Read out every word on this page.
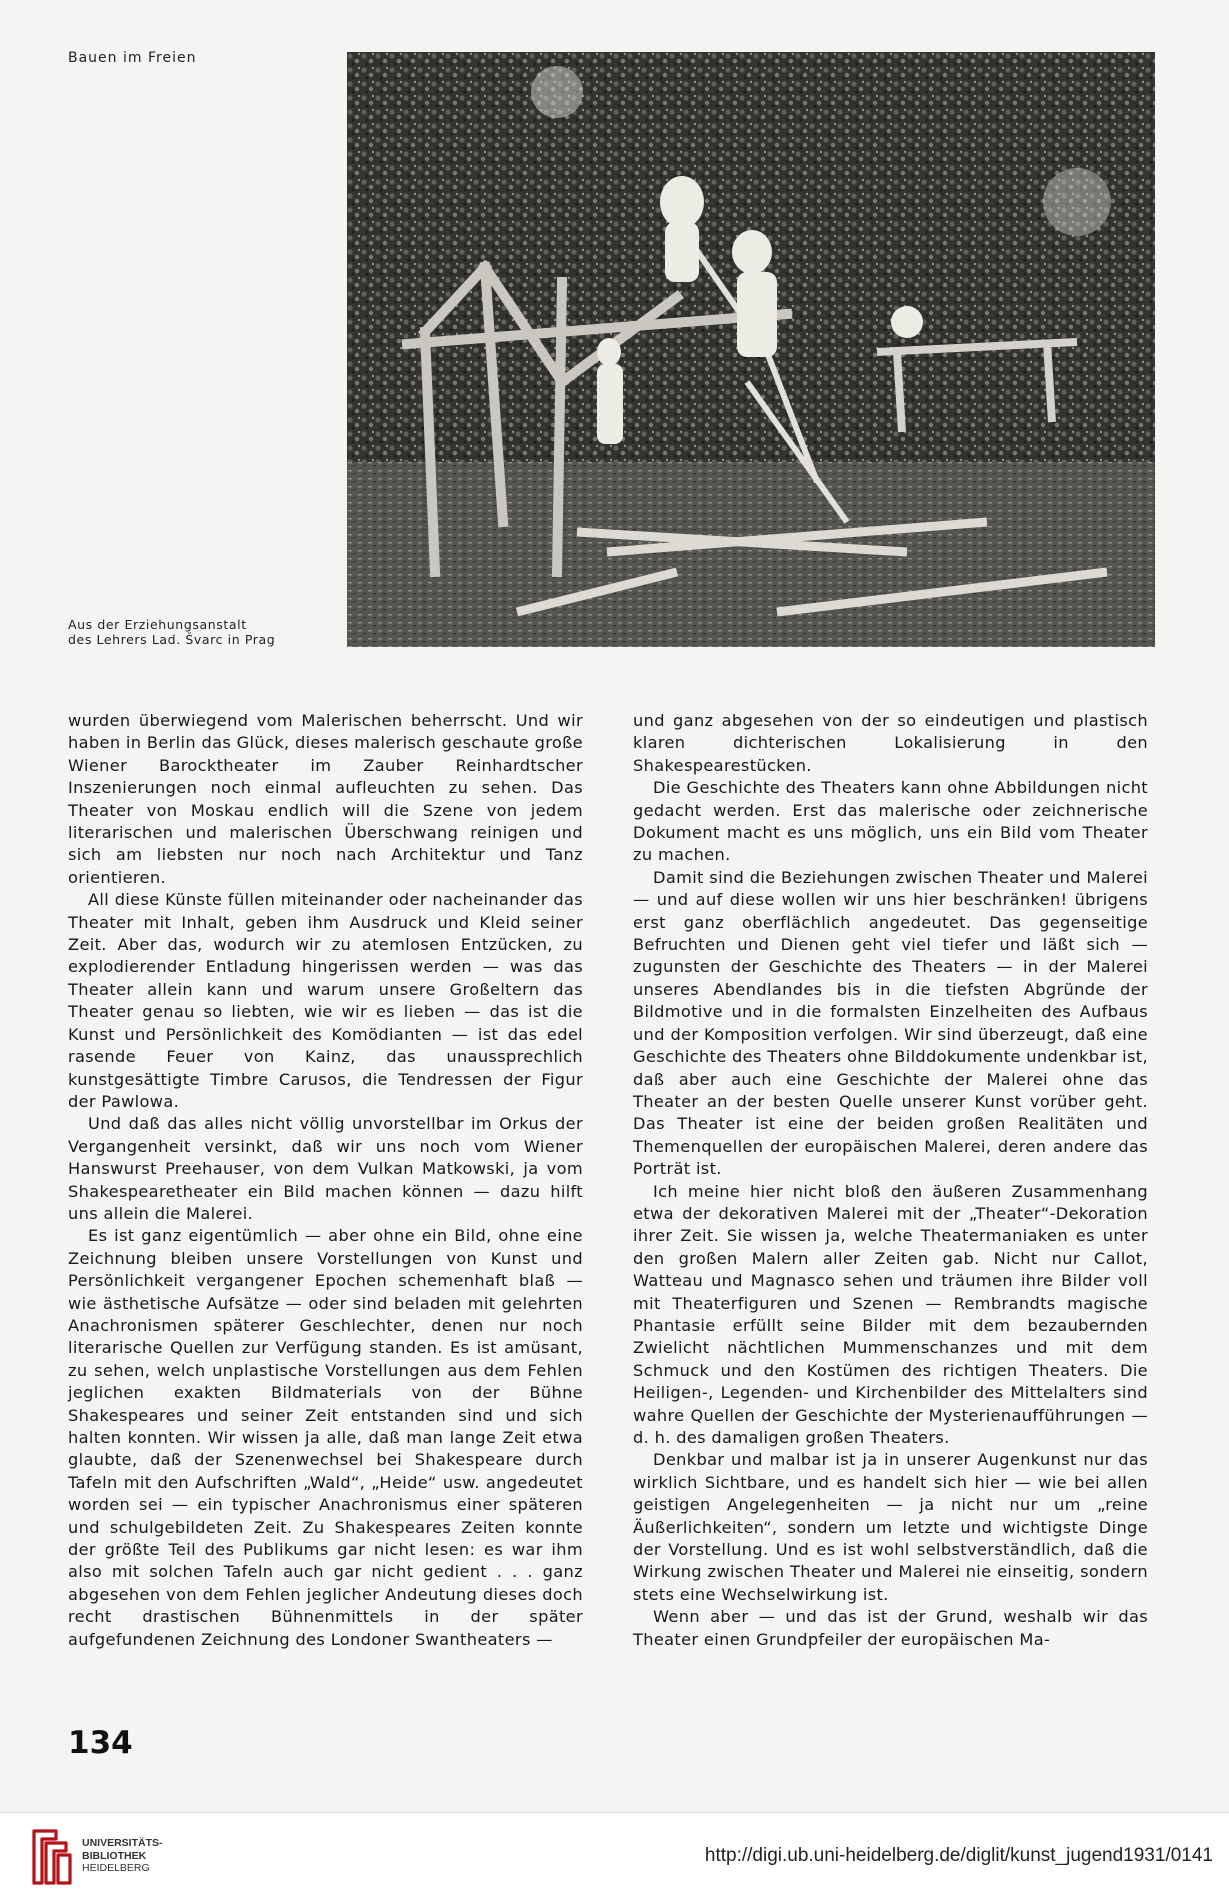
Bauen im Freien
Aus der Erziehungsanstalt
des Lehrers Lad. Švarc in Prag

wurden überwiegend vom Malerischen beherrscht. Und wir haben in Berlin das Glück, dieses malerisch geschaute große Wiener Barocktheater im Zauber Reinhardtscher Inszenierungen noch einmal aufleuchten zu sehen. Das Theater von Moskau endlich will die Szene von jedem literarischen und malerischen Überschwang reinigen und sich am liebsten nur noch nach Architektur und Tanz orientieren.

All diese Künste füllen miteinander oder nacheinander das Theater mit Inhalt, geben ihm Ausdruck und Kleid seiner Zeit. Aber das, wodurch wir zu atemlosen Entzücken, zu explodierender Entladung hingerissen werden — was das Theater allein kann und warum unsere Großeltern das Theater genau so liebten, wie wir es lieben — das ist die Kunst und Persönlichkeit des Komödianten — ist das edel rasende Feuer von Kainz, das unaussprechlich kunstgesättigte Timbre Carusos, die Tendressen der Figur der Pawlowa.

Und daß das alles nicht völlig unvorstellbar im Orkus der Vergangenheit versinkt, daß wir uns noch vom Wiener Hanswurst Preehauser, von dem Vulkan Matkowski, ja vom Shakespearetheater ein Bild machen können — dazu hilft uns allein die Malerei.

Es ist ganz eigentümlich — aber ohne ein Bild, ohne eine Zeichnung bleiben unsere Vorstellungen von Kunst und Persönlichkeit vergangener Epochen schemenhaft blaß — wie ästhetische Aufsätze — oder sind beladen mit gelehrten Anachronismen späterer Geschlechter, denen nur noch literarische Quellen zur Verfügung standen. Es ist amüsant, zu sehen, welch unplastische Vorstellungen aus dem Fehlen jeglichen exakten Bildmaterials von der Bühne Shakespeares und seiner Zeit entstanden sind und sich halten konnten. Wir wissen ja alle, daß man lange Zeit etwa glaubte, daß der Szenenwechsel bei Shakespeare durch Tafeln mit den Aufschriften „Wald“, „Heide“ usw. angedeutet worden sei — ein typischer Anachronismus einer späteren und schulgebildeten Zeit. Zu Shakespeares Zeiten konnte der größte Teil des Publikums gar nicht lesen: es war ihm also mit solchen Tafeln auch gar nicht gedient . . . ganz abgesehen von dem Fehlen jeglicher Andeutung dieses doch recht drastischen Bühnenmittels in der später aufgefundenen Zeichnung des Londoner Swantheaters —

und ganz abgesehen von der so eindeutigen und plastisch klaren dichterischen Lokalisierung in den Shakespearestücken.

Die Geschichte des Theaters kann ohne Abbildungen nicht gedacht werden. Erst das malerische oder zeichnerische Dokument macht es uns möglich, uns ein Bild vom Theater zu machen.

Damit sind die Beziehungen zwischen Theater und Malerei — und auf diese wollen wir uns hier beschränken! übrigens erst ganz oberflächlich angedeutet. Das gegenseitige Befruchten und Dienen geht viel tiefer und läßt sich — zugunsten der Geschichte des Theaters — in der Malerei unseres Abendlandes bis in die tiefsten Abgründe der Bildmotive und in die formalsten Einzelheiten des Aufbaus und der Komposition verfolgen. Wir sind überzeugt, daß eine Geschichte des Theaters ohne Bilddokumente undenkbar ist, daß aber auch eine Geschichte der Malerei ohne das Theater an der besten Quelle unserer Kunst vorüber geht. Das Theater ist eine der beiden großen Realitäten und Themenquellen der europäischen Malerei, deren andere das Porträt ist.

Ich meine hier nicht bloß den äußeren Zusammenhang etwa der dekorativen Malerei mit der „Theater“-Dekoration ihrer Zeit. Sie wissen ja, welche Theatermaniaken es unter den großen Malern aller Zeiten gab. Nicht nur Callot, Watteau und Magnasco sehen und träumen ihre Bilder voll mit Theaterfiguren und Szenen — Rembrandts magische Phantasie erfüllt seine Bilder mit dem bezaubernden Zwielicht nächtlichen Mummenschanzes und mit dem Schmuck und den Kostümen des richtigen Theaters. Die Heiligen-, Legenden- und Kirchenbilder des Mittelalters sind wahre Quellen der Geschichte der Mysterienaufführungen — d. h. des damaligen großen Theaters.

Denkbar und malbar ist ja in unserer Augenkunst nur das wirklich Sichtbare, und es handelt sich hier — wie bei allen geistigen Angelegenheiten — ja nicht nur um „reine Äußerlichkeiten“, sondern um letzte und wichtigste Dinge der Vorstellung. Und es ist wohl selbstverständlich, daß die Wirkung zwischen Theater und Malerei nie einseitig, sondern stets eine Wechselwirkung ist.

Wenn aber — und das ist der Grund, weshalb wir das Theater einen Grundpfeiler der europäischen Ma-

134
UNIVERSITÄTS-
BIBLIOTHEK
HEIDELBERG
http://digi.ub.uni-heidelberg.de/diglit/kunst_jugend1931/0141
